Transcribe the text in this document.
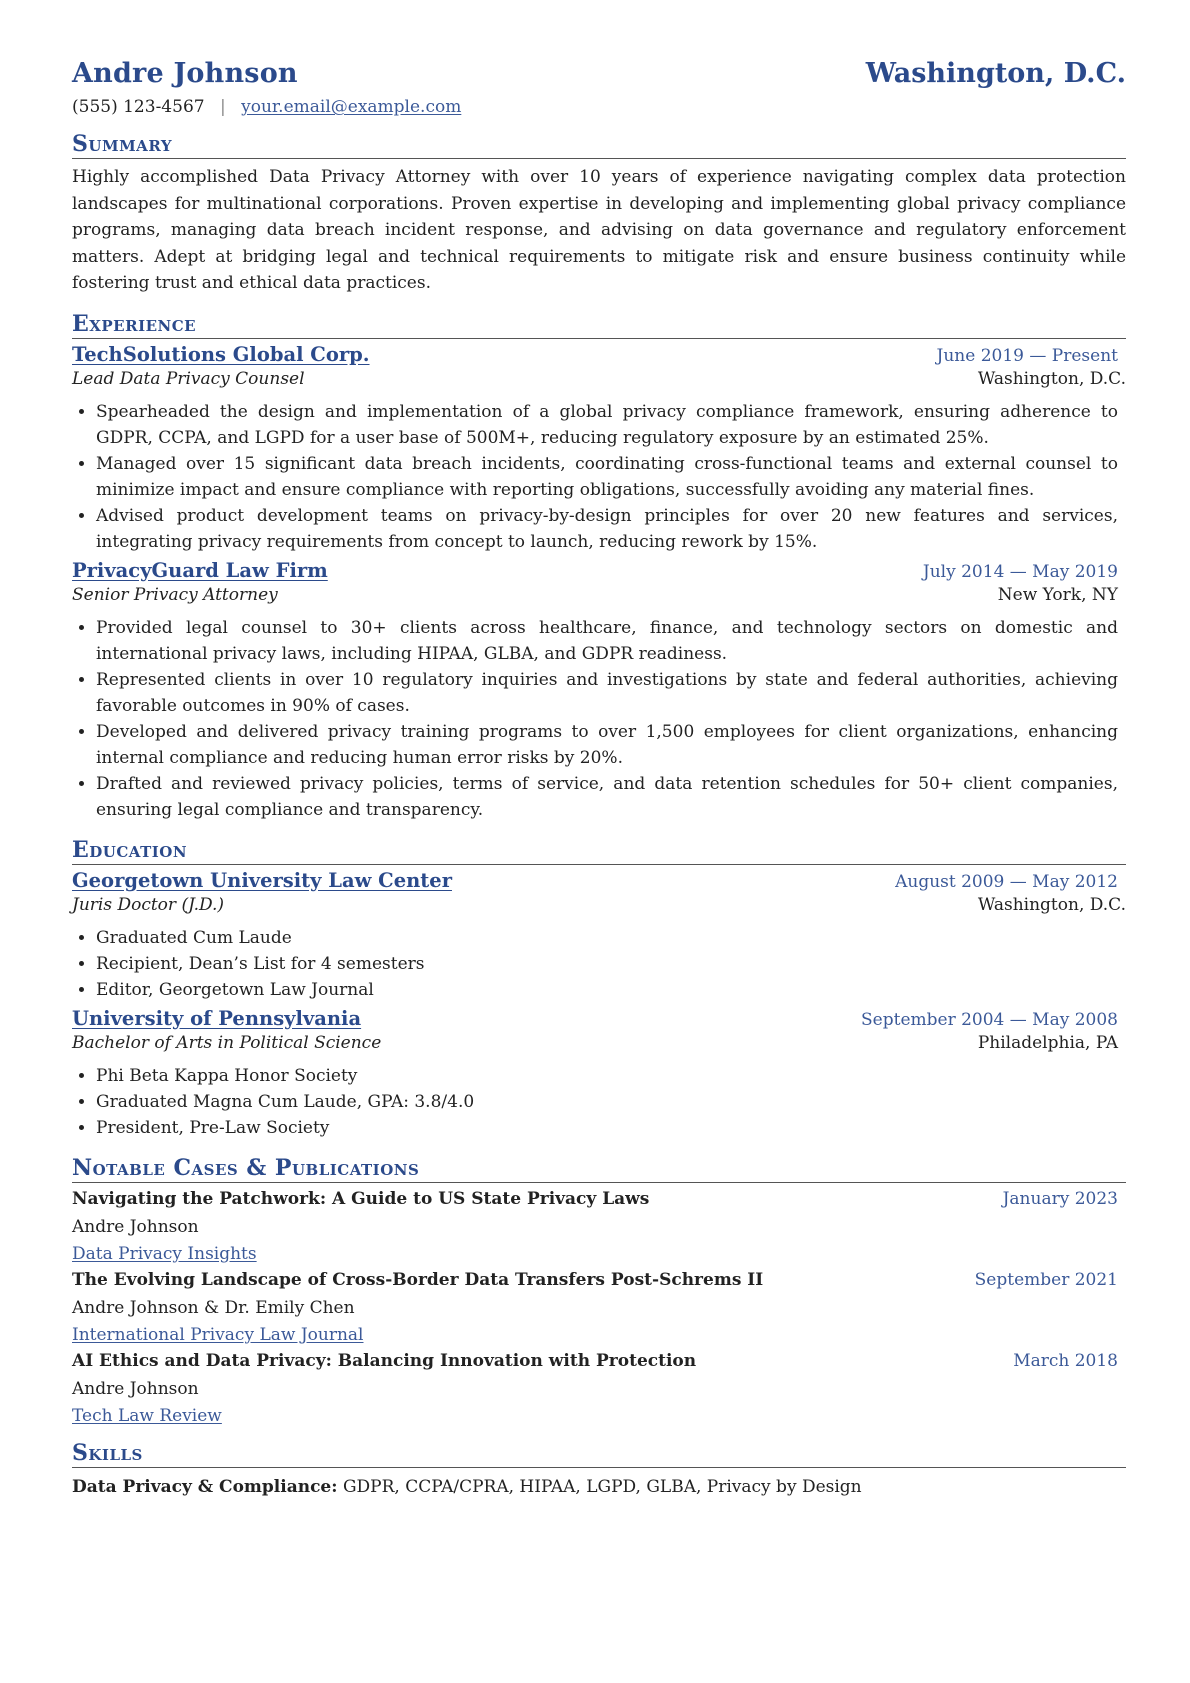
Andre Johnson	Washington, D.C.
(555) 123-4567 | your.email@example.com
Summary
Highly accomplished Data Privacy Attorney with over 10 years of experience navigating complex data protection landscapes for multinational corporations. Proven expertise in developing and implementing global privacy compliance programs, managing data breach incident response, and advising on data governance and regulatory enforcement matters. Adept at bridging legal and technical requirements to mitigate risk and ensure business continuity while fostering trust and ethical data practices.
Experience
TechSolutions Global Corp.	June 2019 — Present
Lead Data Privacy Counsel	Washington, D.C.
• Spearheaded the design and implementation of a global privacy compliance framework, ensuring adherence to GDPR, CCPA, and LGPD for a user base of 500M+, reducing regulatory exposure by an estimated 25%.
• Managed over 15 significant data breach incidents, coordinating cross-functional teams and external counsel to minimize impact and ensure compliance with reporting obligations, successfully avoiding any material fines.
• Advised product development teams on privacy-by-design principles for over 20 new features and services, integrating privacy requirements from concept to launch, reducing rework by 15%.
PrivacyGuard Law Firm	July 2014 — May 2019
Senior Privacy Attorney	New York, NY
• Provided legal counsel to 30+ clients across healthcare, finance, and technology sectors on domestic and international privacy laws, including HIPAA, GLBA, and GDPR readiness.
• Represented clients in over 10 regulatory inquiries and investigations by state and federal authorities, achieving favorable outcomes in 90% of cases.
• Developed and delivered privacy training programs to over 1,500 employees for client organizations, enhancing internal compliance and reducing human error risks by 20%.
• Drafted and reviewed privacy policies, terms of service, and data retention schedules for 50+ client companies, ensuring legal compliance and transparency.
Education
Georgetown University Law Center	August 2009 — May 2012
Juris Doctor (J.D.)	Washington, D.C.
• Graduated Cum Laude
• Recipient, Dean’s List for 4 semesters
• Editor, Georgetown Law Journal
University of Pennsylvania	September 2004 — May 2008
Bachelor of Arts in Political Science	Philadelphia, PA
• Phi Beta Kappa Honor Society
• Graduated Magna Cum Laude, GPA: 3.8/4.0
• President, Pre-Law Society
Notable Cases & Publications
Navigating the Patchwork: A Guide to US State Privacy Laws	January 2023
Andre Johnson
Data Privacy Insights
The Evolving Landscape of Cross-Border Data Transfers Post-Schrems II	September 2021
Andre Johnson & Dr. Emily Chen
International Privacy Law Journal
AI Ethics and Data Privacy: Balancing Innovation with Protection	March 2018
Andre Johnson
Tech Law Review
Skills
Data Privacy & Compliance: GDPR, CCPA/CPRA, HIPAA, LGPD, GLBA, Privacy by Design
